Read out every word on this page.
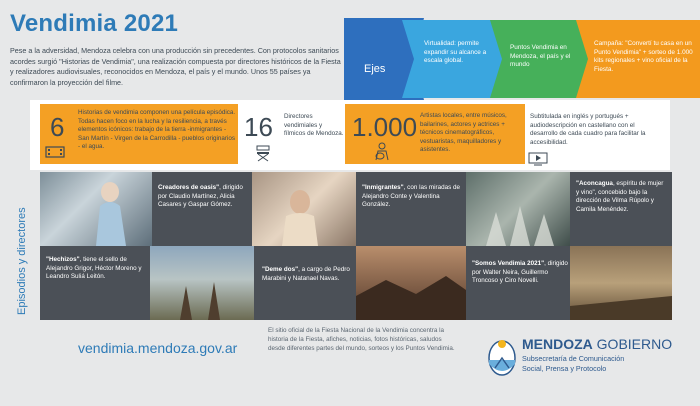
Vendimia 2021
Pese a la adversidad, Mendoza celebra con una producción sin precedentes. Con protocolos sanitarios acordes surgió "Historias de Vendimia", una realización compuesta por directores históricos de la Fiesta y realizadores audiovisuales, reconocidos en Mendoza, el país y el mundo. Unos 55 países ya confirmaron la proyección del filme.
Ejes
Virtualidad: permite expandir su alcance a escala global.
Puntos Vendimia en Mendoza, el país y el mundo
Campaña: "Convertí tu casa en un Punto Vendimia" + sorteo de 1.000 kits regionales + vino oficial de la Fiesta.
6 Historias de vendimia componen una película episódica. Todas hacen foco en la lucha y la resiliencia, a través elementos icónicos: trabajo de la tierra -inmigrantes - San Martín - Virgen de la Carrodilla - pueblos originarios - el agua.
16 Directores vendimiales y fílmicos de Mendoza. 1.000 Artistas locales, entre músicos, bailarines, actores y actrices + técnicos cinematográficos, vestuaristas, maquilladores y asistentes.
Subtitulada en inglés y portugués + audiodescripción en castellano con el desarrollo de cada cuadro para facilitar la accesibilidad.
Episodios y directores
Creadores de oasis", dirigido por Claudio Martínez, Alicia Casares y Gaspar Gómez.
"Inmigrantes", con las miradas de Alejandro Conte y Valentina González.
"Aconcagua, espíritu de mujer y vino", concebido bajo la dirección de Vilma Rúpolo y Camila Menéndez.
"Hechizos", tiene el sello de Alejandro Grigor, Héctor Moreno y Leandro Suliá Leitón.
"Deme dos", a cargo de Pedro Marabini y Natanael Navas.
"Somos Vendimia 2021", dirigido por Walter Neira, Guillermo Troncoso y Ciro Novelli.
vendimia.mendoza.gov.ar
El sitio oficial de la Fiesta Nacional de la Vendimia concentra la historia de la Fiesta, afiches, noticias, fotos históricas, saludos desde diferentes partes del mundo, sorteos y los Puntos Vendimia.	MENDOZA GOBIERNO
Subsecretaría de Comunicación
Social, Prensa y Protocolo
